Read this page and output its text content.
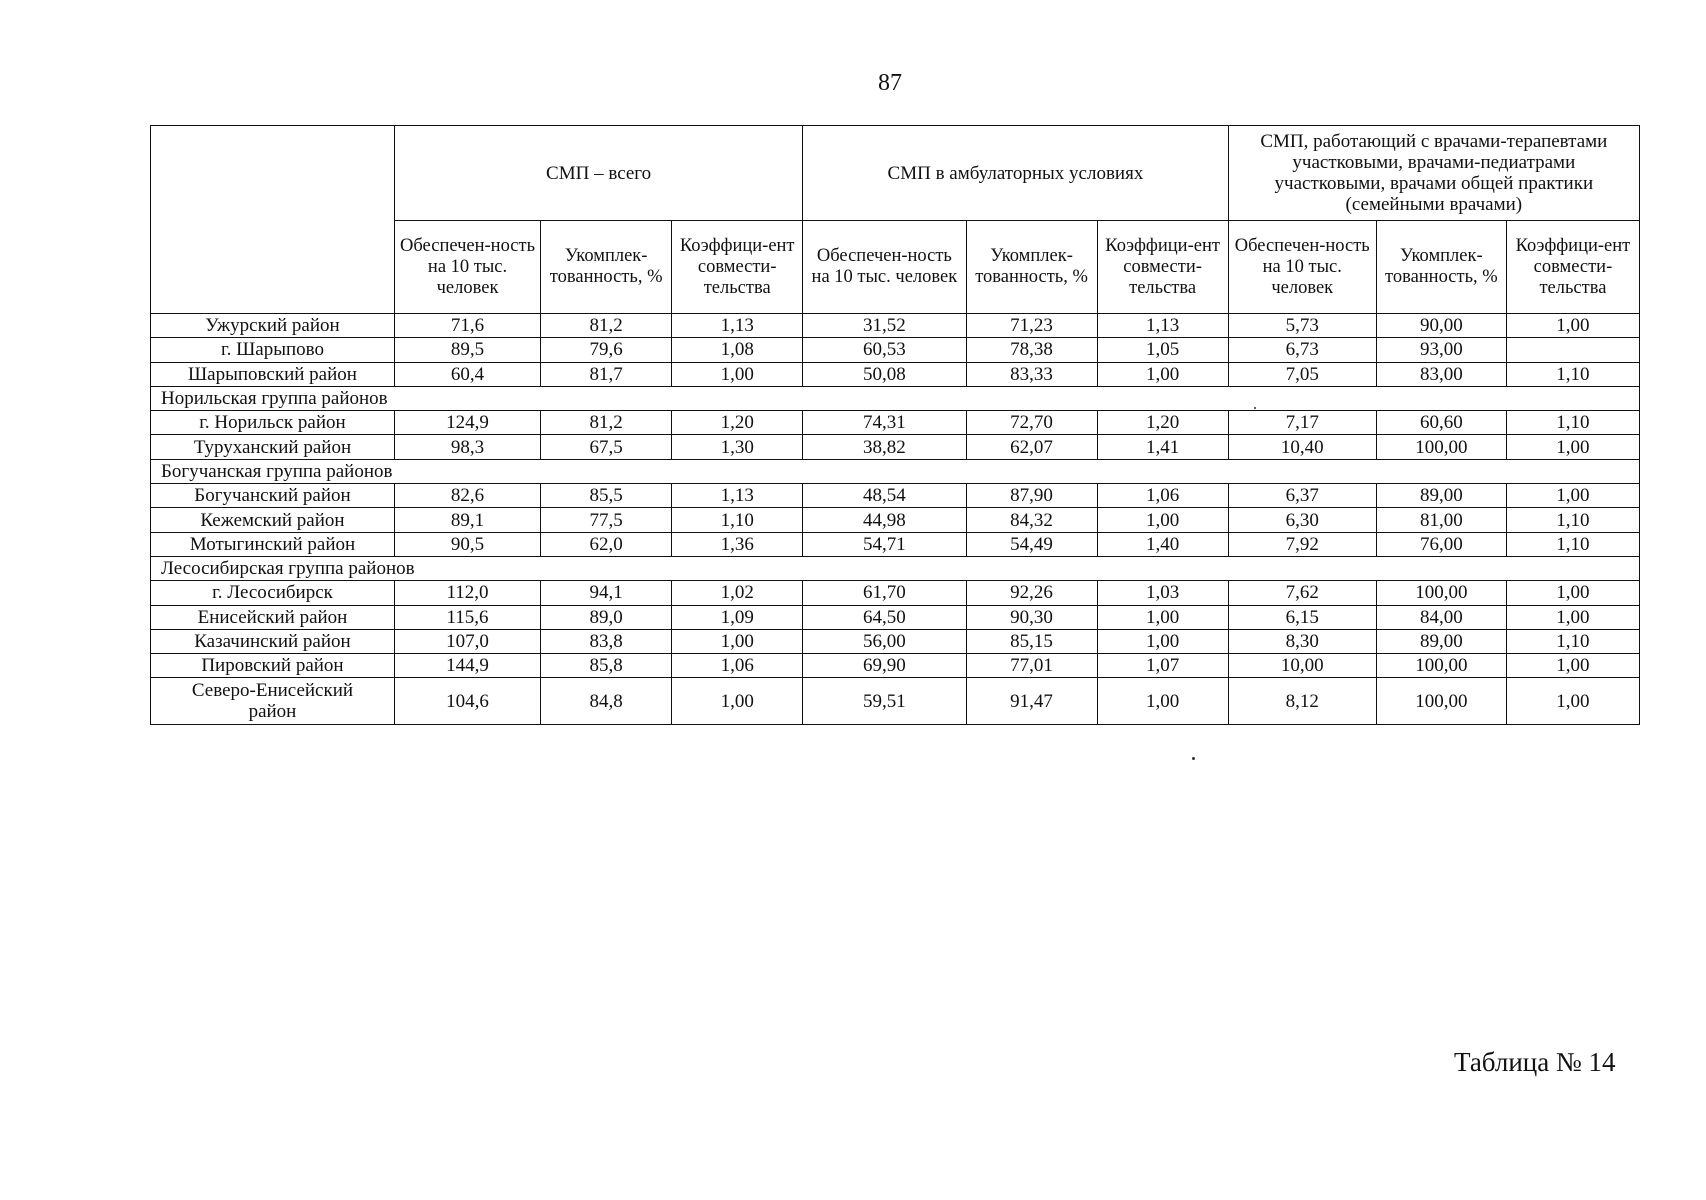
87
	СМП – всего			СМП в амбулаторных условиях			СМП, работающий с врачами-терапевтами участковыми, врачами-педиатрами участковыми, врачами общей практики (семейными врачами)		
	Обеспечен-ность на 10 тыс. человек	Укомплек-тованность, %	Коэффици-ент совмести-тельства	Обеспечен-ность на 10 тыс. человек	Укомплек-тованность, %	Коэффици-ент совмести-тельства	Обеспечен-ность на 10 тыс. человек	Укомплек-тованность, %	Коэффици-ент совмести-тельства
Ужурский район	71,6	81,2	1,13	31,52	71,23	1,13	5,73	90,00	1,00
г. Шарыпово	89,5	79,6	1,08	60,53	78,38	1,05	6,73	93,00	
Шарыповский район	60,4	81,7	1,00	50,08	83,33	1,00	7,05	83,00	1,10
Норильская группа районов									
г. Норильск район	124,9	81,2	1,20	74,31	72,70	1,20	7,17	60,60	1,10
Туруханский район	98,3	67,5	1,30	38,82	62,07	1,41	10,40	100,00	1,00
Богучанская группа районов									
Богучанский район	82,6	85,5	1,13	48,54	87,90	1,06	6,37	89,00	1,00
Кежемский район	89,1	77,5	1,10	44,98	84,32	1,00	6,30	81,00	1,10
Мотыгинский район	90,5	62,0	1,36	54,71	54,49	1,40	7,92	76,00	1,10
Лесосибирская группа районов									
г. Лесосибирск	112,0	94,1	1,02	61,70	92,26	1,03	7,62	100,00	1,00
Енисейский район	115,6	89,0	1,09	64,50	90,30	1,00	6,15	84,00	1,00
Казачинский район	107,0	83,8	1,00	56,00	85,15	1,00	8,30	89,00	1,10
Пировский район	144,9	85,8	1,06	69,90	77,01	1,07	10,00	100,00	1,00
Северо-Енисейский район	104,6	84,8	1,00	59,51	91,47	1,00	8,12	100,00	1,00
Таблица № 14
